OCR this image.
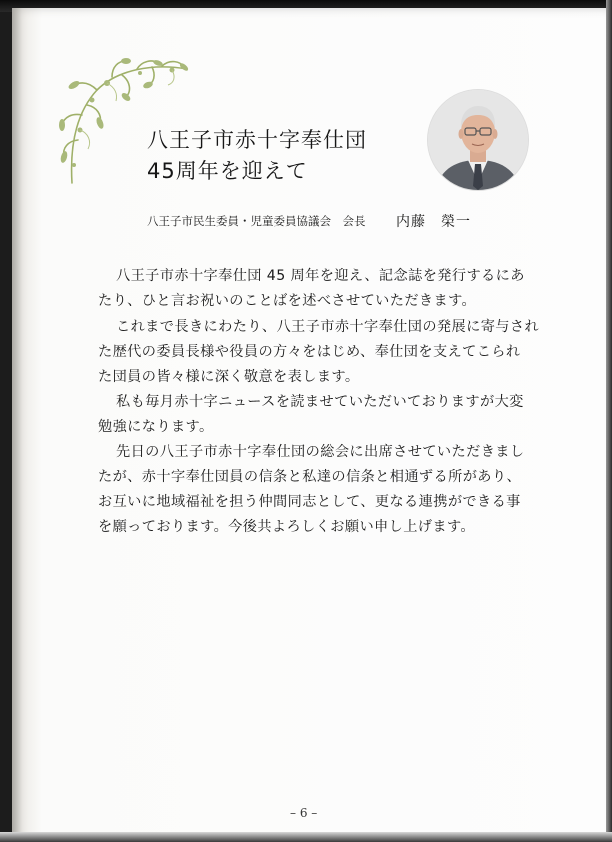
八王子市赤十字奉仕団
45周年を迎えて
八王子市民生委員・児童委員協議会　会長 内藤　榮一
八王子市赤十字奉仕団 45 周年を迎え、記念誌を発行するにあ
たり、ひと言お祝いのことばを述べさせていただきます。
これまで長きにわたり、八王子市赤十字奉仕団の発展に寄与され
た歴代の委員長様や役員の方々をはじめ、奉仕団を支えてこられ
た団員の皆々様に深く敬意を表します。
私も毎月赤十字ニュースを読ませていただいておりますが大変
勉強になります。
先日の八王子市赤十字奉仕団の総会に出席させていただきまし
たが、赤十字奉仕団員の信条と私達の信条と相通ずる所があり、
お互いに地域福祉を担う仲間同志として、更なる連携ができる事
を願っております。今後共よろしくお願い申し上げます。
– 6 –
